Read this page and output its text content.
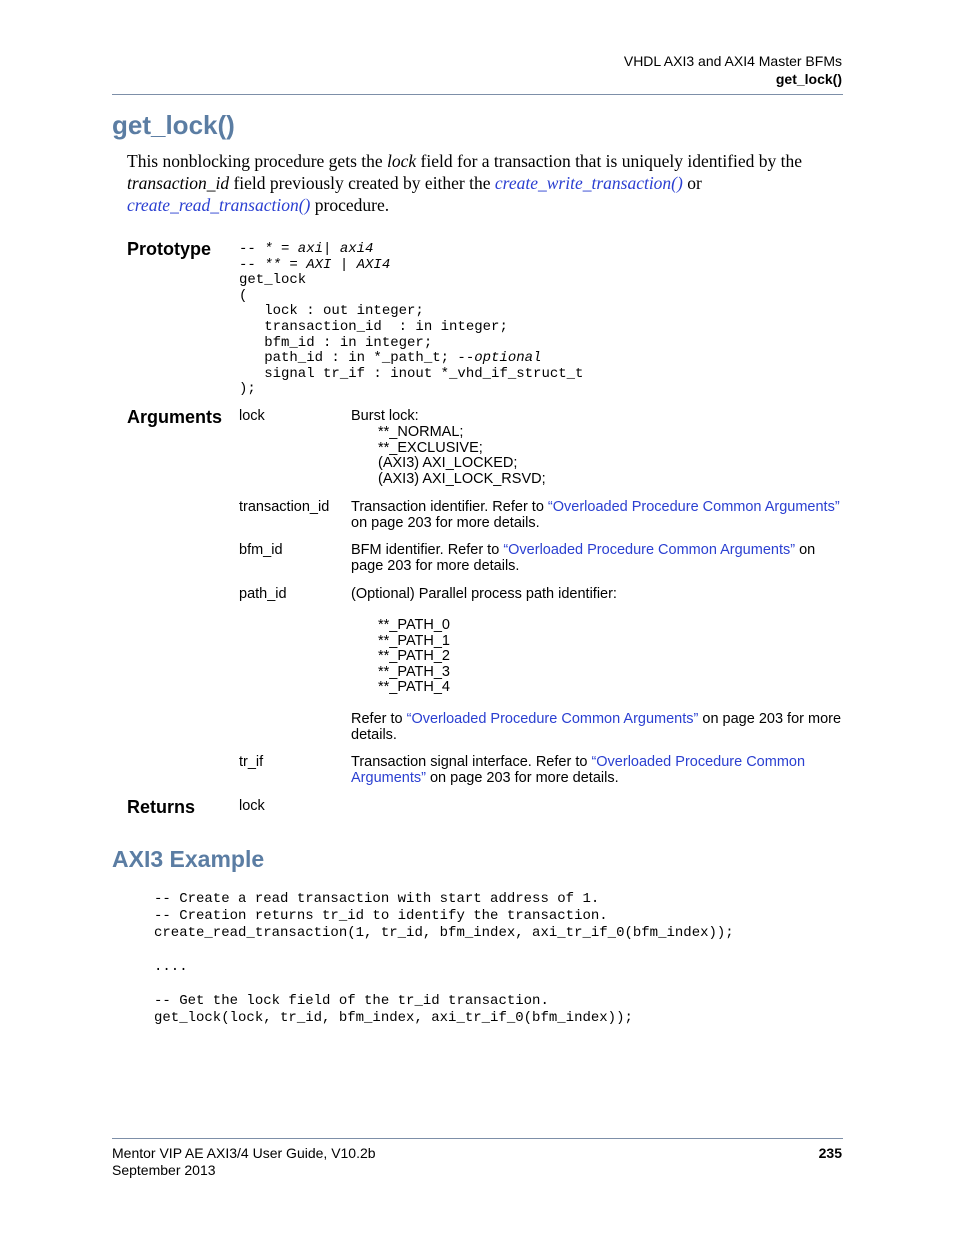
VHDL AXI3 and AXI4 Master BFMs
get_lock()
get_lock()
This nonblocking procedure gets the lock field for a transaction that is uniquely identified by the transaction_id field previously created by either the create_write_transaction() or create_read_transaction() procedure.
Prototype -- * = axi| axi4
-- ** = AXI | AXI4
get_lock
(
lock : out integer;
transaction_id  : in integer;
bfm_id : in integer;
path_id : in *_path_t; --optional
signal tr_if : inout *_vhd_if_struct_t
);
Arguments lock	Burst lock:
**_NORMAL;
**_EXCLUSIVE;
(AXI3) AXI_LOCKED;
(AXI3) AXI_LOCK_RSVD;
transaction_id Transaction identifier. Refer to “Overloaded Procedure Common Arguments” on page 203 for more details.
bfm_id	BFM identifier. Refer to “Overloaded Procedure Common Arguments” on page 203 for more details.
path_id	(Optional) Parallel process path identifier:
**_PATH_0
**_PATH_1
**_PATH_2
**_PATH_3
**_PATH_4
Refer to “Overloaded Procedure Common Arguments” on page 203 for more details.
tr_if	Transaction signal interface. Refer to “Overloaded Procedure Common Arguments” on page 203 for more details.
Returns	lock
AXI3 Example
-- Create a read transaction with start address of 1.
-- Creation returns tr_id to identify the transaction.
create_read_transaction(1, tr_id, bfm_index, axi_tr_if_0(bfm_index));

....

-- Get the lock field of the tr_id transaction.
get_lock(lock, tr_id, bfm_index, axi_tr_if_0(bfm_index));
Mentor VIP AE AXI3/4 User Guide, V10.2b
September 2013
235
